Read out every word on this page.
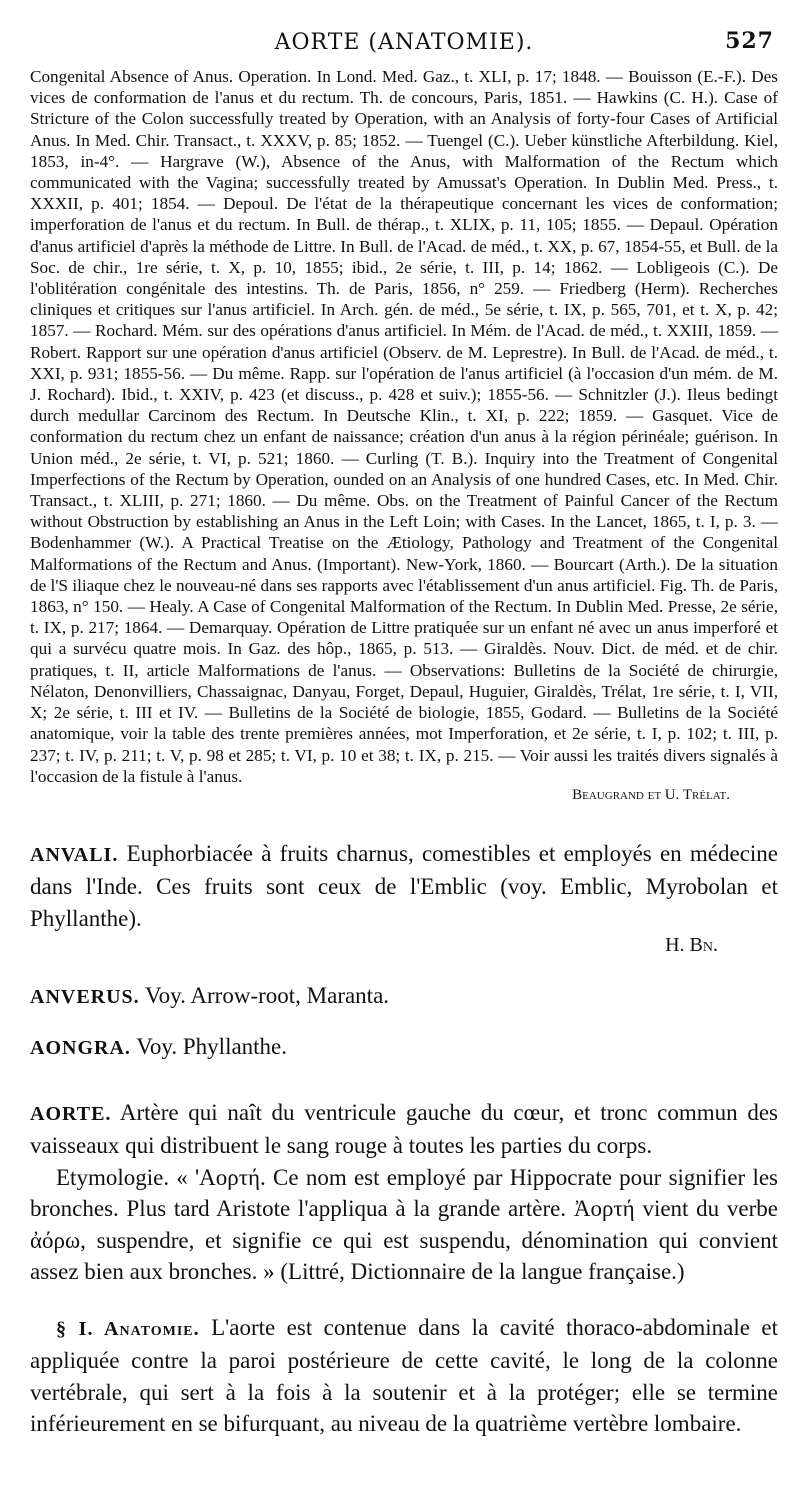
AORTE (ANATOMIE).	527
Congenital Absence of Anus. Operation. In Lond. Med. Gaz., t. XLI, p. 17; 1848. — Bouisson (E.-F.). Des vices de conformation de l'anus et du rectum. Th. de concours, Paris, 1851. — Hawkins (C. H.). Case of Stricture of the Colon successfully treated by Operation, with an Analysis of forty-four Cases of Artificial Anus. In Med. Chir. Transact., t. XXXV, p. 85; 1852. — Tuengel (C.). Ueber künstliche Afterbildung. Kiel, 1853, in-4°. — Hargrave (W.), Absence of the Anus, with Malformation of the Rectum which communicated with the Vagina; successfully treated by Amussat's Operation. In Dublin Med. Press., t. XXXII, p. 401; 1854. — Depoul. De l'état de la thérapeutique concernant les vices de conformation; imperforation de l'anus et du rectum. In Bull. de thérap., t. XLIX, p. 11, 105; 1855. — Depaul. Opération d'anus artificiel d'après la méthode de Littre. In Bull. de l'Acad. de méd., t. XX, p. 67, 1854-55, et Bull. de la Soc. de chir., 1re série, t. X, p. 10, 1855; ibid., 2e série, t. III, p. 14; 1862. — Lobligeois (C.). De l'oblitération congénitale des intestins. Th. de Paris, 1856, n° 259. — Friedberg (Herm). Recherches cliniques et critiques sur l'anus artificiel. In Arch. gén. de méd., 5e série, t. IX, p. 565, 701, et t. X, p. 42; 1857. — Rochard. Mém. sur des opérations d'anus artificiel. In Mém. de l'Acad. de méd., t. XXIII, 1859. — Robert. Rapport sur une opération d'anus artificiel (Observ. de M. Leprestre). In Bull. de l'Acad. de méd., t. XXI, p. 931; 1855-56. — Du même. Rapp. sur l'opération de l'anus artificiel (à l'occasion d'un mém. de M. J. Rochard). Ibid., t. XXIV, p. 423 (et discuss., p. 428 et suiv.); 1855-56. — Schnitzler (J.). Ileus bedingt durch medullar Carcinom des Rectum. In Deutsche Klin., t. XI, p. 222; 1859. — Gasquet. Vice de conformation du rectum chez un enfant de naissance; création d'un anus à la région périnéale; guérison. In Union méd., 2e série, t. VI, p. 521; 1860. — Curling (T. B.). Inquiry into the Treatment of Congenital Imperfections of the Rectum by Operation, ounded on an Analysis of one hundred Cases, etc. In Med. Chir. Transact., t. XLIII, p. 271; 1860. — Du même. Obs. on the Treatment of Painful Cancer of the Rectum without Obstruction by establishing an Anus in the Left Loin; with Cases. In the Lancet, 1865, t. I, p. 3. — Bodenhammer (W.). A Practical Treatise on the Ætiology, Pathology and Treatment of the Congenital Malformations of the Rectum and Anus. (Important). New-York, 1860. — Bourcart (Arth.). De la situation de l'S iliaque chez le nouveau-né dans ses rapports avec l'établissement d'un anus artificiel. Fig. Th. de Paris, 1863, n° 150. — Healy. A Case of Congenital Malformation of the Rectum. In Dublin Med. Presse, 2e série, t. IX, p. 217; 1864. — Demarquay. Opération de Littre pratiquée sur un enfant né avec un anus imperforé et qui a survécu quatre mois. In Gaz. des hôp., 1865, p. 513. — Giraldès. Nouv. Dict. de méd. et de chir. pratiques, t. II, article Malformations de l'anus. — Observations: Bulletins de la Société de chirurgie, Nélaton, Denonvilliers, Chassaignac, Danyau, Forget, Depaul, Huguier, Giraldès, Trélat, 1re série, t. I, VII, X; 2e série, t. III et IV. — Bulletins de la Société de biologie, 1855, Godard. — Bulletins de la Société anatomique, voir la table des trente premières années, mot Imperforation, et 2e série, t. I, p. 102; t. III, p. 237; t. IV, p. 211; t. V, p. 98 et 285; t. VI, p. 10 et 38; t. IX, p. 215. — Voir aussi les traités divers signalés à l'occasion de la fistule à l'anus.
Beaugrand et U. Trélat.

ANVALI. Euphorbiacée à fruits charnus, comestibles et employés en médecine dans l'Inde. Ces fruits sont ceux de l'Emblic (voy. Emblic, Myrobolan et Phyllanthe).

H. Bn.

ANVERUS. Voy. Arrow-root, Maranta.

AONGRA. Voy. Phyllanthe.

AORTE. Artère qui naît du ventricule gauche du cœur, et tronc commun des vaisseaux qui distribuent le sang rouge à toutes les parties du corps.

Etymologie. « 'Αορτή. Ce nom est employé par Hippocrate pour signifier les bronches. Plus tard Aristote l'appliqua à la grande artère. Ἀορτή vient du verbe ἀόρω, suspendre, et signifie ce qui est suspendu, dénomination qui convient assez bien aux bronches. » (Littré, Dictionnaire de la langue française.)

§ I. Anatomie. L'aorte est contenue dans la cavité thoraco-abdominale et appliquée contre la paroi postérieure de cette cavité, le long de la colonne vertébrale, qui sert à la fois à la soutenir et à la protéger; elle se termine inférieurement en se bifurquant, au niveau de la quatrième vertèbre lombaire.
